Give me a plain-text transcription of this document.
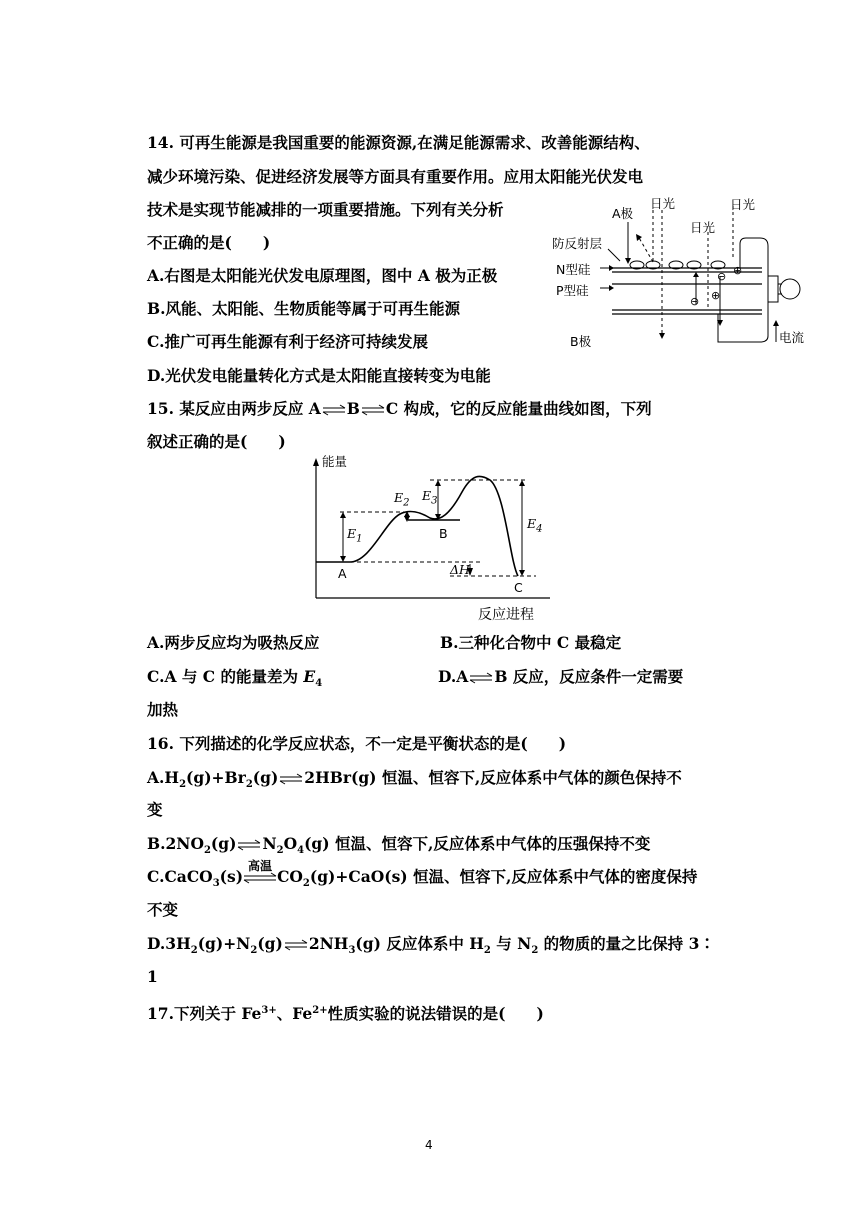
14. 可再生能源是我国重要的能源资源,在满足能源需求、改善能源结构、
减少环境污染、促进经济发展等方面具有重要作用。应用太阳能光伏发电
技术是实现节能减排的一项重要措施。下列有关分析
不正确的是(　　)
A.右图是太阳能光伏发电原理图，图中 A 极为正极
B.风能、太阳能、生物质能等属于可再生能源
C.推广可再生能源有利于经济可持续发展
D.光伏发电能量转化方式是太阳能直接转变为电能
⊖ ⊕
⊕
⊖
A极
日光
日光
日光
防反射层
N型硅
P型硅
B极	电流
15. 某反应由两步反应 A⇌B⇌C 构成，它的反应能量曲线如图，下列
叙述正确的是(　　)
能量
反应进程
$E_1$
$E_2$ $E_3$
$E_4$
A
B
C
ΔH
A.两步反应均为吸热反应	B.三种化合物中 C 最稳定
C.A 与 C 的能量差为 $E_4$	D.A⇌B 反应，反应条件一定需要
加热
16. 下列描述的化学反应状态，不一定是平衡状态的是(　　)
$A.H_2(g)+Br_2(g)\rightleftharpoons 2HBr(g)$ 恒温、恒容下,反应体系中气体的颜色保持不
变
$B.2NO_2(g)\rightleftharpoons N_2O_4(g)$ 恒温、恒容下,反应体系中气体的压强保持不变
C.CaCO$_3$(s)
高温
$CO_2(g)+CaO(s)$ 恒温、恒容下,反应体系中气体的密度保持
不变
$D.3H_2(g)+N_2(g)\rightleftharpoons 2NH_3(g)$ 反应体系中 $H_2$ 与 $N_2$ 的物质的量之比保持 3∶
1
17.下列关于 $Fe^{3+}$、$Fe^{2+}$性质实验的说法错误的是(　　)
4
